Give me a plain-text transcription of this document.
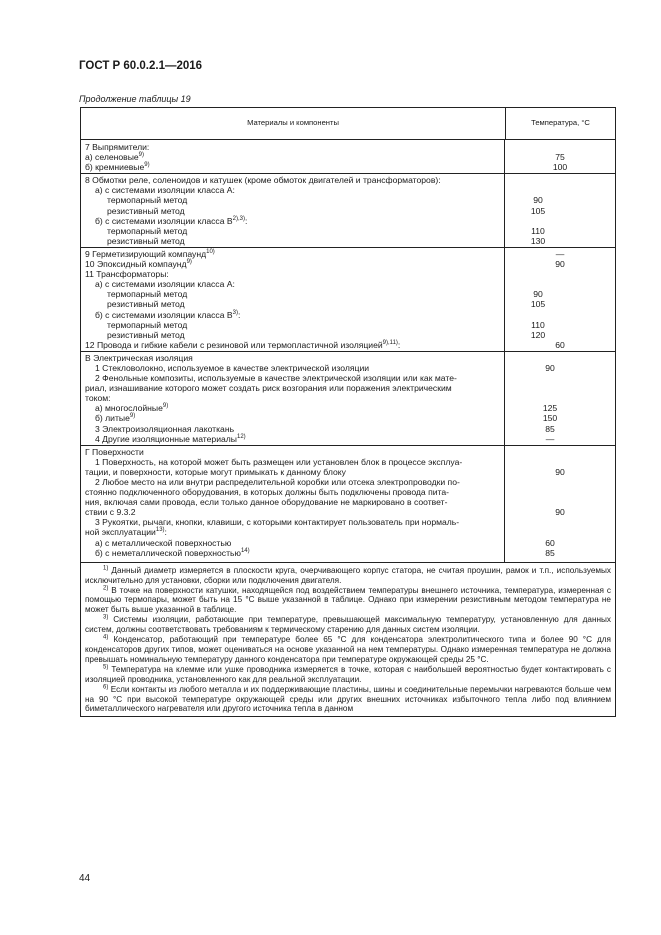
ГОСТ Р 60.0.2.1—2016
Продолжение таблицы 19
Материалы и компоненты	Температура, °С
7 Выпрямители:
а) селеновые$^{9)}$	75
б) кремниевые$^{9)}$	100
8 Обмотки реле, соленоидов и катушек (кроме обмоток двигателей и трансформаторов):
а) с системами изоляции класса А:
термопарный метод	90
резистивный метод	105
б) с системами изоляции класса $В^{2),3)}$:
термопарный метод	110
резистивный метод	130
9 Герметизирующий компаунд$^{10)}$	—
10 Эпоксидный компаунд$^{9)}$	90
11 Трансформаторы:
а) с системами изоляции класса А:
термопарный метод	90
резистивный метод	105
б) с системами изоляции класса $В^{3)}$:
термопарный метод	110
резистивный метод	120
12 Провода и гибкие кабели с резиновой или термопластичной изоляцией$^{9),11)}$:	60
В Электрическая изоляция
1 Стекловолокно, используемое в качестве электрической изоляции	90
2 Фенольные композиты, используемые в качестве электрической изоляции или как мате-
риал, изнашивание которого может создать риск возгорания или поражения электрическим
током:
а) многослойные$^{9)}$	125
б) литые$^{9)}$	150
3 Электроизоляционная лакоткань	85
4 Другие изоляционные материалы$^{12)}$	—
Г Поверхности
1 Поверхность, на которой может быть размещен или установлен блок в процессе эксплуа-
тации, и поверхности, которые могут примыкать к данному блоку	90
2 Любое место на или внутри распределительной коробки или отсека электропроводки по-
стоянно подключенного оборудования, в которых должны быть подключены провода пита-
ния, включая сами провода, если только данное оборудование не маркировано в соответ-
ствии с 9.3.2	90
3 Рукоятки, рычаги, кнопки, клавиши, с которыми контактирует пользователь при нормаль-
ной эксплуатации$^{13)}$:
а) с металлической поверхностью	60
б) с неметаллической поверхностью$^{14)}$	85
$^{1)}$ Данный диаметр измеряется в плоскости круга, очерчивающего корпус статора, не считая проушин, рамок и т.п., используемых исключительно для установки, сборки или подключения двигателя.
$^{2)}$ В точке на поверхности катушки, находящейся под воздействием температуры внешнего источника, температура, измеренная с помощью термопары, может быть на 15 °С выше указанной в таблице. Однако при измерении резистивным методом температура не может быть выше указанной в таблице.
$^{3)}$ Системы изоляции, работающие при температуре, превышающей максимальную температуру, установленную для данных систем, должны соответствовать требованиям к термическому старению для данных систем изоляции.
$^{4)}$ Конденсатор, работающий при температуре более 65 °С для конденсатора электролитического типа и более 90 °С для конденсаторов других типов, может оцениваться на основе указанной на нем температуры. Однако измеренная температура не должна превышать номинальную температуру данного конденсатора при температуре окружающей среды 25 °С.
$^{5)}$ Температура на клемме или ушке проводника измеряется в точке, которая с наибольшей вероятностью будет контактировать с изоляцией проводника, установленного как для реальной эксплуатации.
$^{6)}$ Если контакты из любого металла и их поддерживающие пластины, шины и соединительные перемычки нагреваются больше чем на 90 °С при высокой температуре окружающей среды или других внешних источниках избыточного тепла либо под влиянием биметаллического нагревателя или другого источника тепла в данном
44
